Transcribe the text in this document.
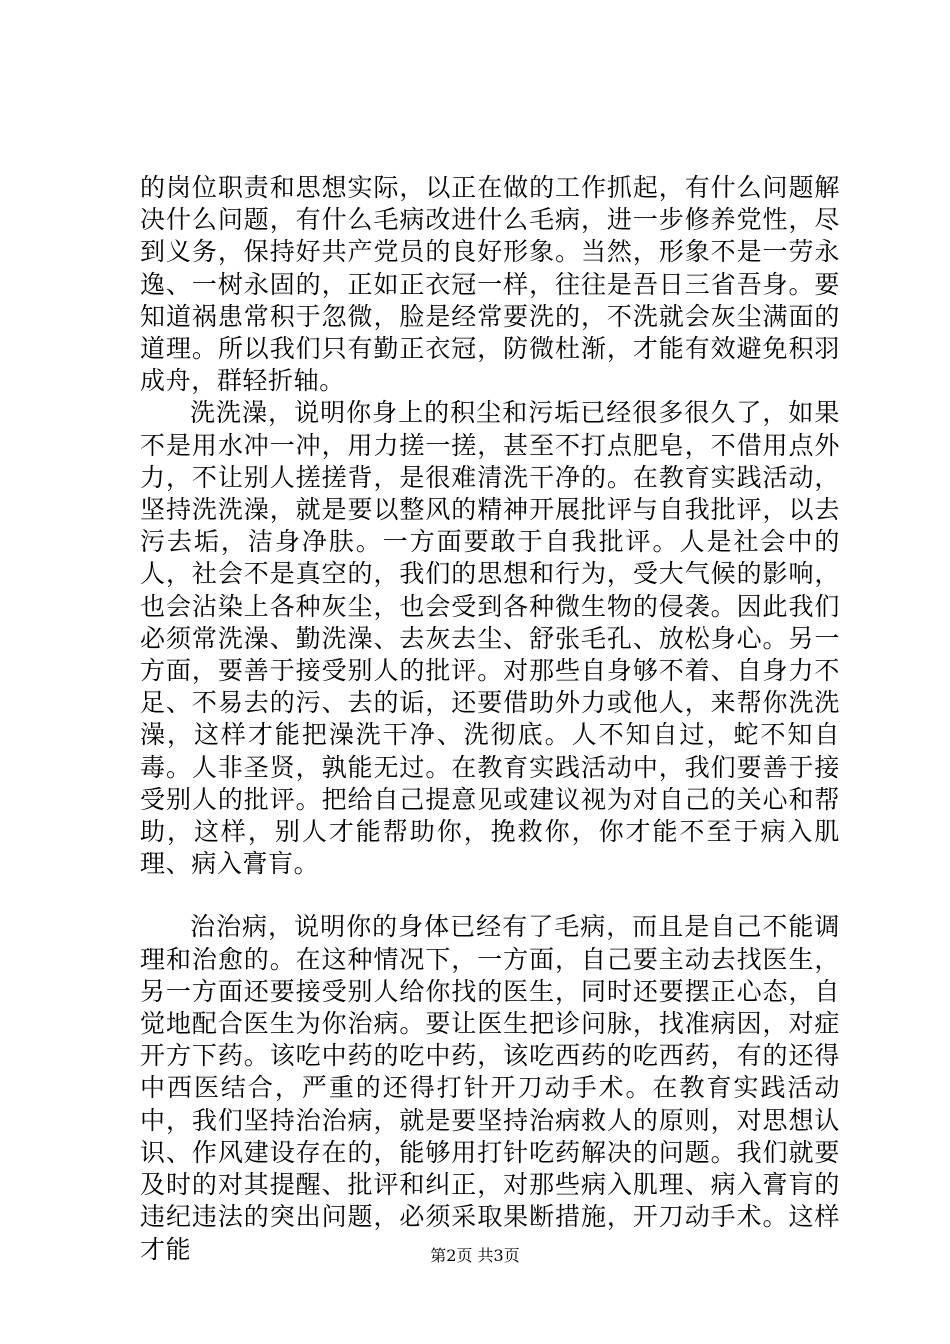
的岗位职责和思想实际，以正在做的工作抓起，有什么问题解决什么问题，有什么毛病改进什么毛病，进一步修养党性，尽到义务，保持好共产党员的良好形象。当然，形象不是一劳永逸、一树永固的，正如正衣冠一样，往往是吾日三省吾身。要知道祸患常积于忽微，脸是经常要洗的，不洗就会灰尘满面的道理。所以我们只有勤正衣冠，防微杜渐，才能有效避免积羽成舟，群轻折轴。

洗洗澡，说明你身上的积尘和污垢已经很多很久了，如果不是用水冲一冲，用力搓一搓，甚至不打点肥皂，不借用点外力，不让别人搓搓背，是很难清洗干净的。在教育实践活动，坚持洗洗澡，就是要以整风的精神开展批评与自我批评，以去污去垢，洁身净肤。一方面要敢于自我批评。人是社会中的人，社会不是真空的，我们的思想和行为，受大气候的影响，也会沾染上各种灰尘，也会受到各种微生物的侵袭。因此我们必须常洗澡、勤洗澡、去灰去尘、舒张毛孔、放松身心。另一方面，要善于接受别人的批评。对那些自身够不着、自身力不足、不易去的污、去的诟，还要借助外力或他人，来帮你洗洗澡，这样才能把澡洗干净、洗彻底。人不知自过，蛇不知自毒。人非圣贤，孰能无过。在教育实践活动中，我们要善于接受别人的批评。把给自己提意见或建议视为对自己的关心和帮助，这样，别人才能帮助你，挽救你，你才能不至于病入肌理、病入膏肓。

治治病，说明你的身体已经有了毛病，而且是自己不能调理和治愈的。在这种情况下，一方面，自己要主动去找医生，另一方面还要接受别人给你找的医生，同时还要摆正心态，自觉地配合医生为你治病。要让医生把诊问脉，找准病因，对症开方下药。该吃中药的吃中药，该吃西药的吃西药，有的还得中西医结合，严重的还得打针开刀动手术。在教育实践活动中，我们坚持治治病，就是要坚持治病救人的原则，对思想认识、作风建设存在的，能够用打针吃药解决的问题。我们就要及时的对其提醒、批评和纠正，对那些病入肌理、病入膏肓的违纪违法的突出问题，必须采取果断措施，开刀动手术。这样才能	第2页 共3页
